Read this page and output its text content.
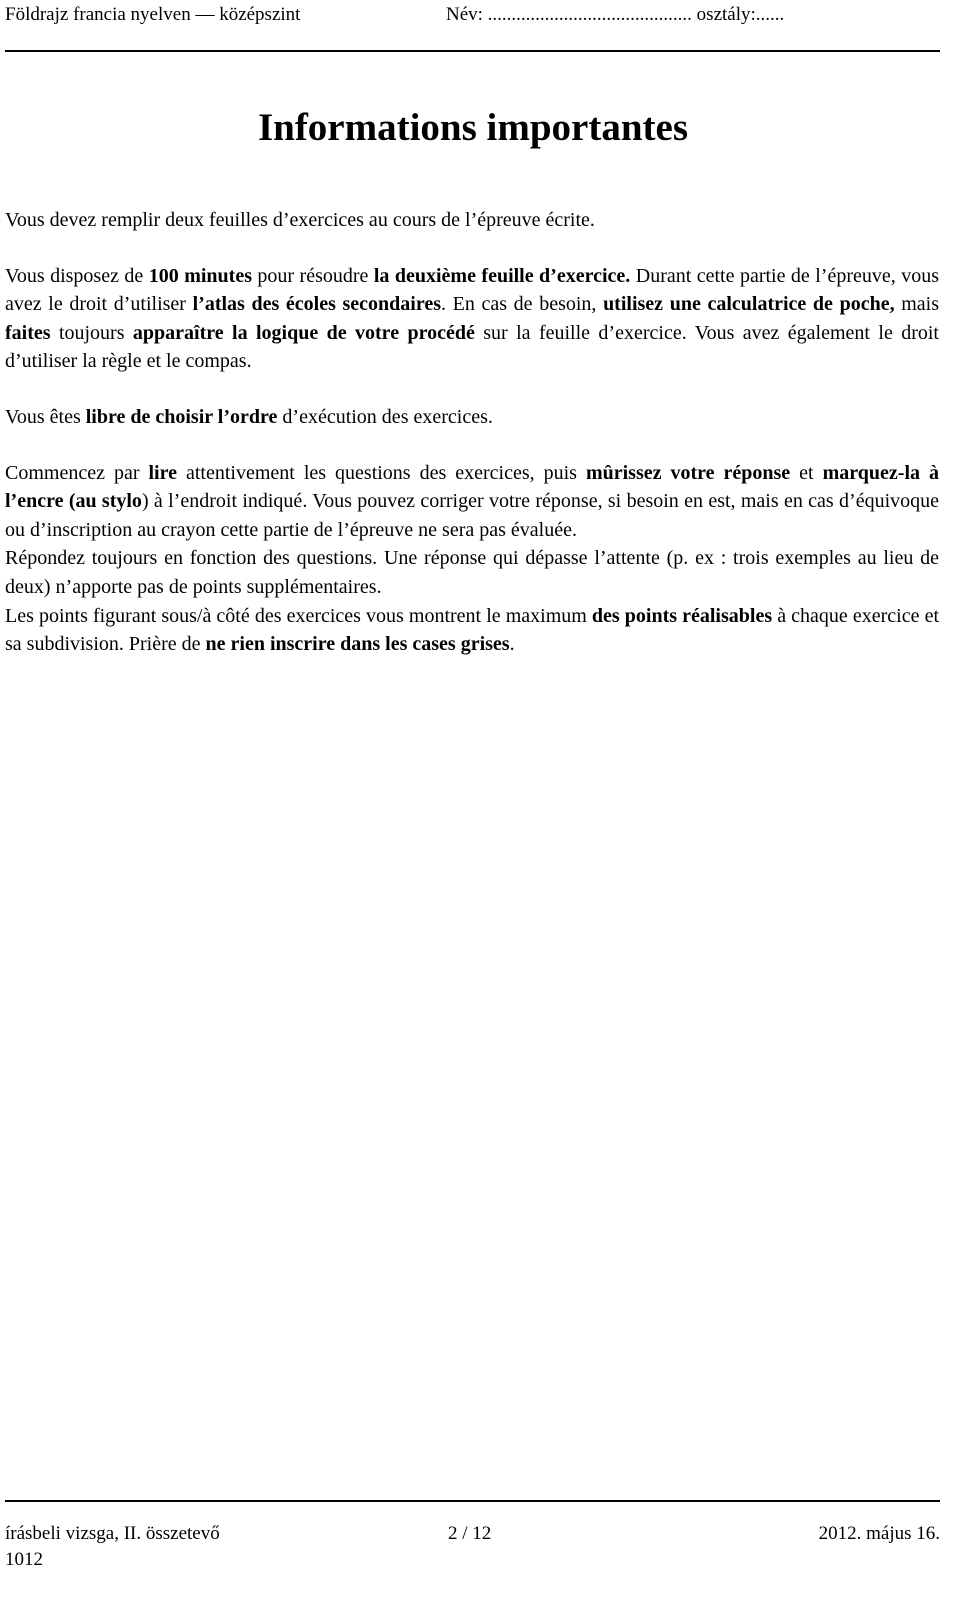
Földrajz francia nyelven — középszint	Név: ........................................... osztály:......
Informations importantes

Vous devez remplir deux feuilles d’exercices au cours de l’épreuve écrite.

Vous disposez de 100 minutes pour résoudre la deuxième feuille d’exercice. Durant cette partie de l’épreuve, vous avez le droit d’utiliser l’atlas des écoles secondaires. En cas de besoin, utilisez une calculatrice de poche, mais faites toujours apparaître la logique de votre procédé sur la feuille d’exercice. Vous avez également le droit d’utiliser la règle et le compas.

Vous êtes libre de choisir l’ordre d’exécution des exercices.

Commencez par lire attentivement les questions des exercices, puis mûrissez votre réponse et marquez-la à l’encre (au stylo) à l’endroit indiqué. Vous pouvez corriger votre réponse, si besoin en est, mais en cas d’équivoque ou d’inscription au crayon cette partie de l’épreuve ne sera pas évaluée.

Répondez toujours en fonction des questions. Une réponse qui dépasse l’attente (p. ex : trois exemples au lieu de deux) n’apporte pas de points supplémentaires.

Les points figurant sous/à côté des exercices vous montrent le maximum des points réalisables à chaque exercice et sa subdivision. Prière de ne rien inscrire dans les cases grises.

írásbeli vizsga, II. összetevő	2 / 12	2012. május 16.
1012
